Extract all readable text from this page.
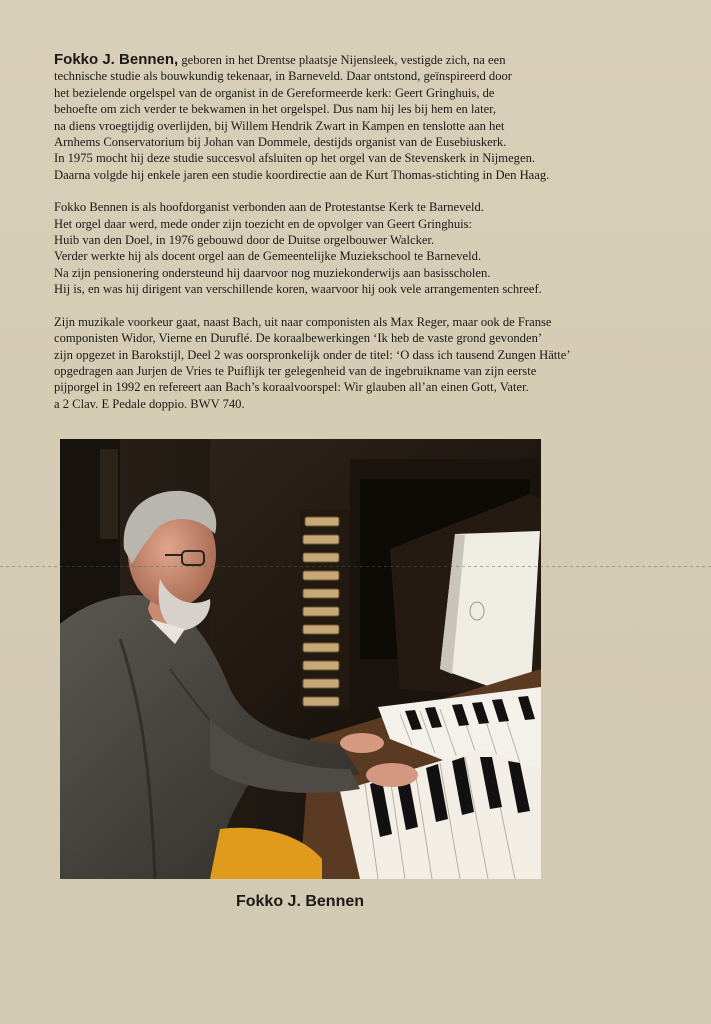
Fokko J. Bennen, geboren in het Drentse plaatsje Nijensleek, vestigde zich, na een
technische studie als bouwkundig tekenaar, in Barneveld. Daar ontstond, geïnspireerd door
het bezielende orgelspel van de organist in de Gereformeerde kerk: Geert Gringhuis, de
behoefte om zich verder te bekwamen in het orgelspel. Dus nam hij les bij hem en later,
na diens vroegtijdig overlijden, bij Willem Hendrik Zwart in Kampen en tenslotte aan het
Arnhems Conservatorium bij Johan van Dommele, destijds organist van de Eusebiuskerk.
In 1975 mocht hij deze studie succesvol afsluiten op het orgel van de Stevenskerk in Nijmegen.
Daarna volgde hij enkele jaren een studie koordirectie aan de Kurt Thomas-stichting in Den Haag.

Fokko Bennen is als hoofdorganist verbonden aan de Protestantse Kerk te Barneveld.
Het orgel daar werd, mede onder zijn toezicht en de opvolger van Geert Gringhuis:
Huib van den Doel, in 1976 gebouwd door de Duitse orgelbouwer Walcker.
Verder werkte hij als docent orgel aan de Gemeentelijke Muziekschool te Barneveld.
Na zijn pensionering ondersteund hij daarvoor nog muziekonderwijs aan basisscholen.
Hij is, en was hij dirigent van verschillende koren, waarvoor hij ook vele arrangementen schreef.

Zijn muzikale voorkeur gaat, naast Bach, uit naar componisten als Max Reger, maar ook de Franse
componisten Widor, Vierne en Duruflé. De koraalbewerkingen ‘Ik heb de vaste grond gevonden’
zijn opgezet in Barokstijl, Deel 2 was oorspronkelijk onder de titel: ‘O dass ich tausend Zungen Hätte’
opgedragen aan Jurjen de Vries te Puiflijk ter gelegenheid van de ingebruikname van zijn eerste
pijporgel in 1992 en refereert aan Bach’s koraalvoorspel: Wir glauben all’an einen Gott, Vater.
a 2 Clav. E Pedale doppio. BWV 740.

Fokko J. Bennen
